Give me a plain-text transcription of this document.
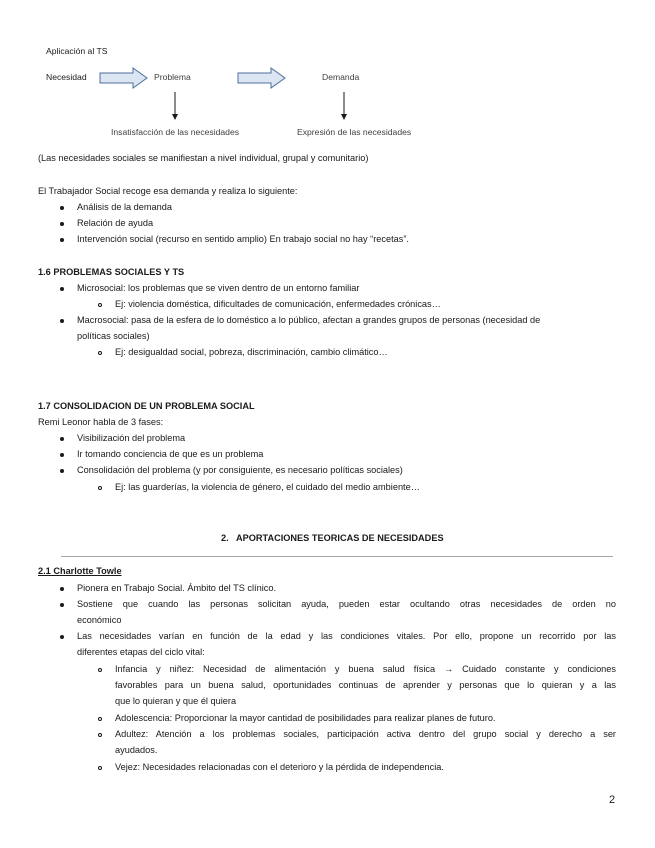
Aplicación al TS
Necesidad	Problema	Demanda
Insatisfacción de las necesidades	Expresión de las necesidades
(Las necesidades sociales se manifiestan a nivel individual, grupal y comunitario)
El Trabajador Social recoge esa demanda y realiza lo siguiente:
Análisis de la demanda
Relación de ayuda
Intervención social (recurso en sentido amplio) En trabajo social no hay “recetas”.
1.6 PROBLEMAS SOCIALES Y TS
Microsocial: los problemas que se viven dentro de un entorno familiar
Ej: violencia doméstica, dificultades de comunicación, enfermedades crónicas…
Macrosocial: pasa de la esfera de lo doméstico a lo público, afectan a grandes grupos de personas (necesidad de
políticas sociales)
Ej: desigualdad social, pobreza, discriminación, cambio climático…
1.7 CONSOLIDACION DE UN PROBLEMA SOCIAL
Remi Leonor habla de 3 fases:
Visibilización del problema
Ir tomando conciencia de que es un problema
Consolidación del problema (y por consiguiente, es necesario políticas sociales)
Ej: las guarderías, la violencia de género, el cuidado del medio ambiente…
2.   APORTACIONES TEORICAS DE NECESIDADES
2.1 Charlotte Towle
Pionera en Trabajo Social. Ámbito del TS clínico.
Sostiene que cuando las personas solicitan ayuda, pueden estar ocultando otras necesidades de orden no
económico
Las necesidades varían en función de la edad y las condiciones vitales. Por ello, propone un recorrido por las
diferentes etapas del ciclo vital:
Infancia y niñez: Necesidad de alimentación y buena salud física → Cuidado constante y condiciones
favorables para un buena salud, oportunidades continuas de aprender y personas que lo quieran y a las
que lo quieran y que él quiera
Adolescencia: Proporcionar la mayor cantidad de posibilidades para realizar planes de futuro.
Adultez: Atención a los problemas sociales, participación activa dentro del grupo social y derecho a ser
ayudados.
Vejez: Necesidades relacionadas con el deterioro y la pérdida de independencia.
2
